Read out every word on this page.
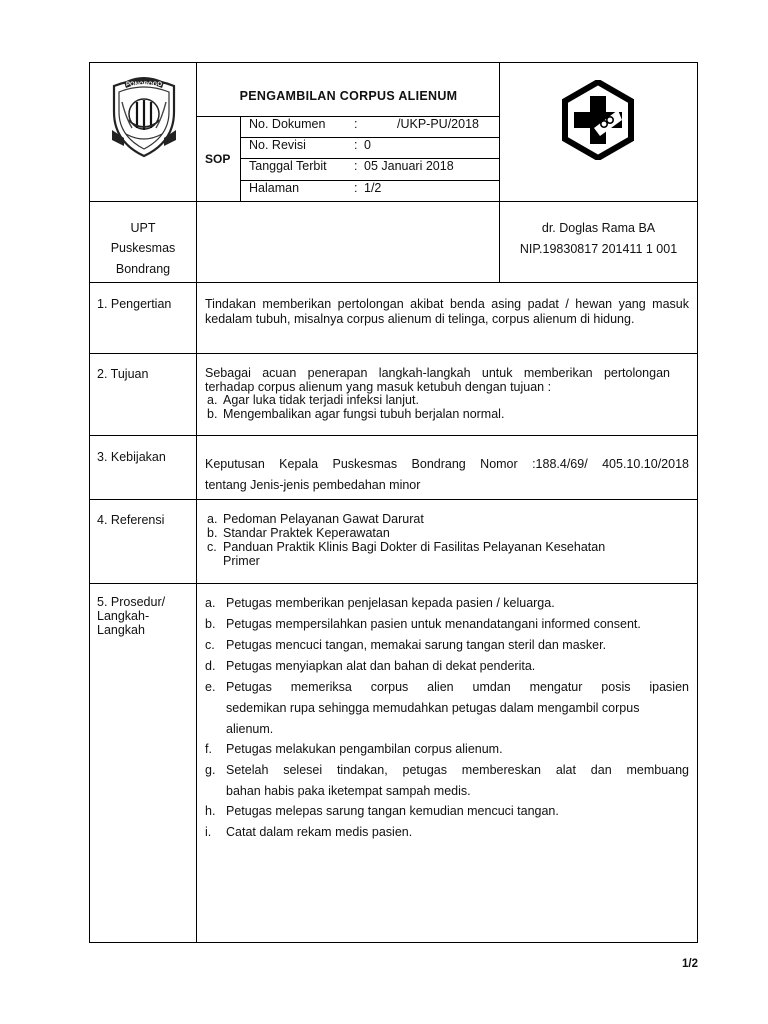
PONOROGO
PENGAMBILAN CORPUS ALIENUM
SOP
No. Dokumen :	/UKP-PU/2018
No. Revisi	: 0
Tanggal Terbit : 05 Januari 2018
Halaman	: 1/2
UPT
Puskesmas
Bondrang
dr. Doglas Rama BA
NIP.19830817 201411 1 001
1. Pengertian	Tindakan memberikan pertolongan akibat benda asing padat / hewan yang masuk kedalam tubuh, misalnya corpus alienum di telinga, corpus alienum di hidung.
2. Tujuan	Sebagai acuan penerapan langkah-langkah untuk memberikan pertolongan terhadap corpus alienum yang masuk ketubuh dengan tujuan :
a. Agar luka tidak terjadi infeksi lanjut.
b. Mengembalikan agar fungsi tubuh berjalan normal.
3. Kebijakan	Keputusan Kepala Puskesmas Bondrang Nomor :188.4/69/ 405.10.10/2018
tentang Jenis-jenis pembedahan minor
4. Referensi	a. Pedoman Pelayanan Gawat Darurat
b. Standar Praktek Keperawatan
c. Panduan Praktik Klinis Bagi Dokter di Fasilitas Pelayanan Kesehatan
Primer
5. Prosedur/
Langkah-
Langkah
a. Petugas memberikan penjelasan kepada pasien / keluarga.
b. Petugas mempersilahkan pasien untuk menandatangani informed consent.
c. Petugas mencuci tangan, memakai sarung tangan steril dan masker.
d. Petugas menyiapkan alat dan bahan di dekat penderita.
e. Petugas memeriksa corpus alien umdan mengatur posis ipasien
sedemikan rupa sehingga memudahkan petugas dalam mengambil corpus
alienum.
f. Petugas melakukan pengambilan corpus alienum.
g. Setelah selesei tindakan, petugas membereskan alat dan membuang
bahan habis paka iketempat sampah medis.
h. Petugas melepas sarung tangan kemudian mencuci tangan.
i. Catat dalam rekam medis pasien.
1/2
